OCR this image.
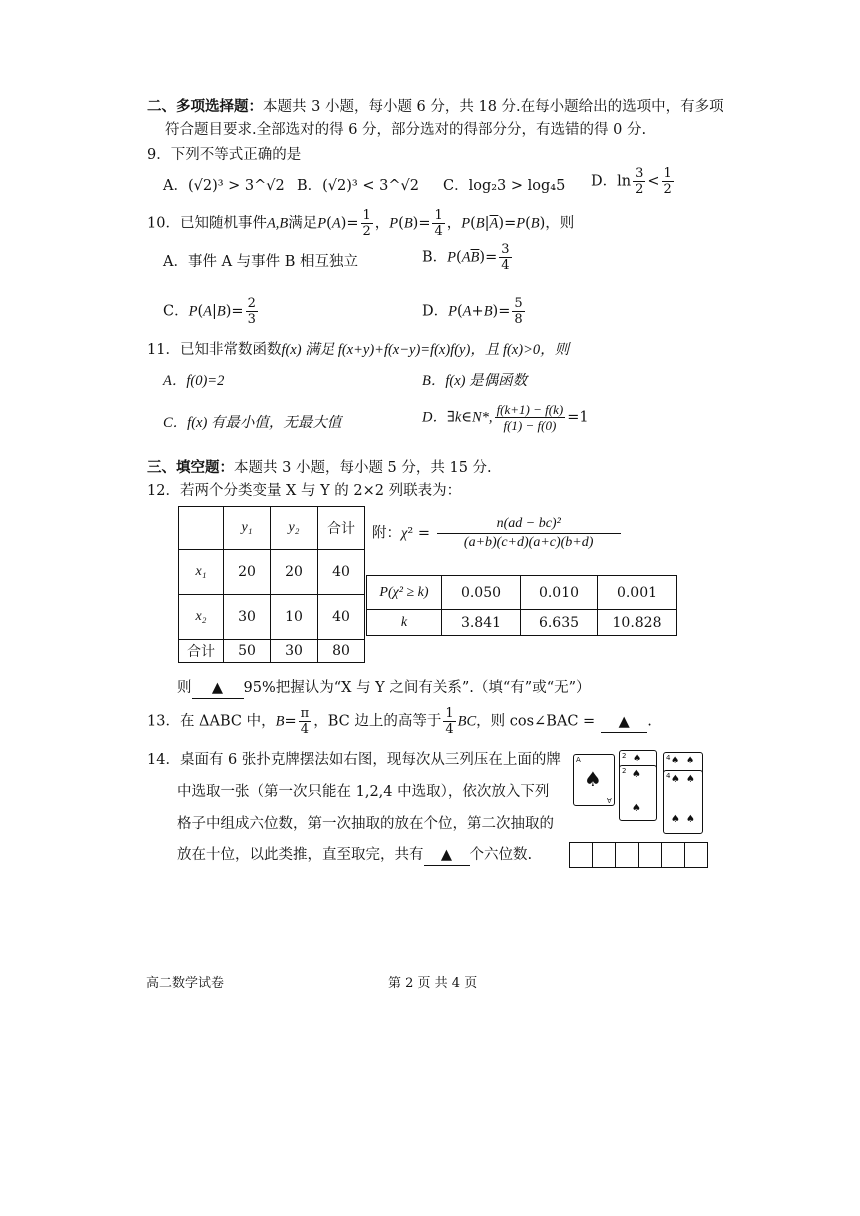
二、多项选择题：本题共 3 小题，每小题 6 分，共 18 分.在每小题给出的选项中，有多项
符合题目要求.全部选对的得 6 分，部分选对的得部分分，有选错的得 0 分.
9．下列不等式正确的是
A．(√2)³ > 3^√2 B．(√2)³ < 3^√2 C．log₂3 > log₄5 D．$\ln \frac{3}{2} < \frac{1}{2}$
10．已知随机事件A,B满足$P(A)= \frac{1}{2}$ ，$P(B)= \frac{1}{4}$ ，$P(B|\overline{A})=P(B)$，则
A．事件 A 与事件 B 相互独立	B．$P(A\overline{B})= \frac{3}{4}$
C．$P(A|B)= \frac{2}{3}$	D．$P(A+B)= \frac{5}{8}$
11．已知非常数函数f(x) 满足 f(x+y)+f(x−y)=f(x)f(y)，且 f(x)>0，则
A．f(0)=2	B．f(x) 是偶函数
C．f(x) 有最小值，无最大值	D．∃k∈N*, $\frac{f(k+1) - f(k)}{f(1) - f(0)} =1$
三、填空题：本题共 3 小题，每小题 5 分，共 15 分.
12．若两个分类变量 X 与 Y 的 2×2 列联表为：
	y₁	y₂	合计
x₁	20	20	40
x₂	30	10	40
合计	50	30	80
附：$\chi^2 = \frac{\text{n(ad − bc)²}}{(a+b)(c+d)(a+c)(b+d)}$
P(χ² ≥ k)	0.050	0.010	0.001
k	3.841	6.635	10.828
则 ▲ 95%把握认为“X 与 Y 之间有关系”.（填“有”或“无”）
13．在 ΔABC 中，$B= \frac{\pi}{4}$ ，BC 边上的高等于 $\frac{1}{4}$ BC，则 cos∠BAC = ▲ .
14．桌面有 6 张扑克牌摆法如右图，现每次从三列压在上面的牌
中选取一张（第一次只能在 1,2,4 中选取），依次放入下列
格子中组成六位数，第一次抽取的放在个位，第二次抽取的
放在十位，以此类推，直至取完，共有 ▲ 个六位数.
A
♠
A
2 ♠
2 ♠
♠
4 ♠ ♠
4 ♠ ♠
♠ ♠
高二数学试卷	第 2 页 共 4 页
